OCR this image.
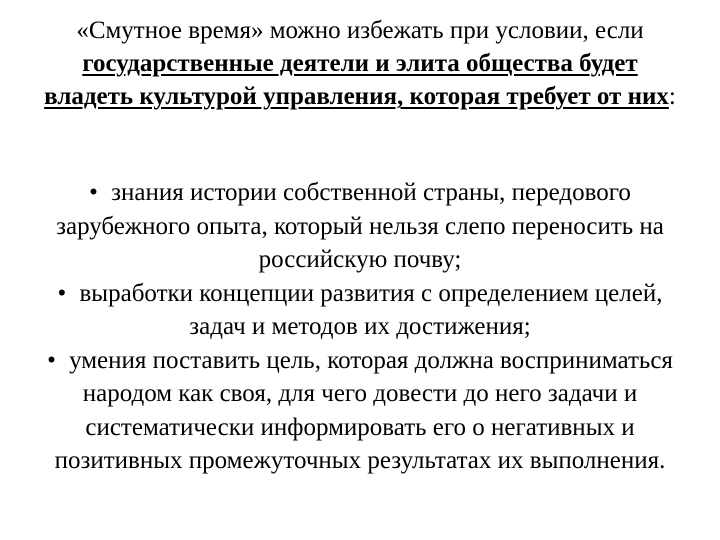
«Смутное время» можно избежать при условии, если государственные деятели и элита общества будет владеть культурой управления, которая требует от них:

• знания истории собственной страны, передового зарубежного опыта, который нельзя слепо переносить на российскую почву;
• выработки концепции развития с определением целей, задач и методов их достижения;
• умения поставить цель, которая должна восприниматься народом как своя, для чего довести до него задачи и систематически информировать его о негативных и позитивных промежуточных результатах их выполнения.
